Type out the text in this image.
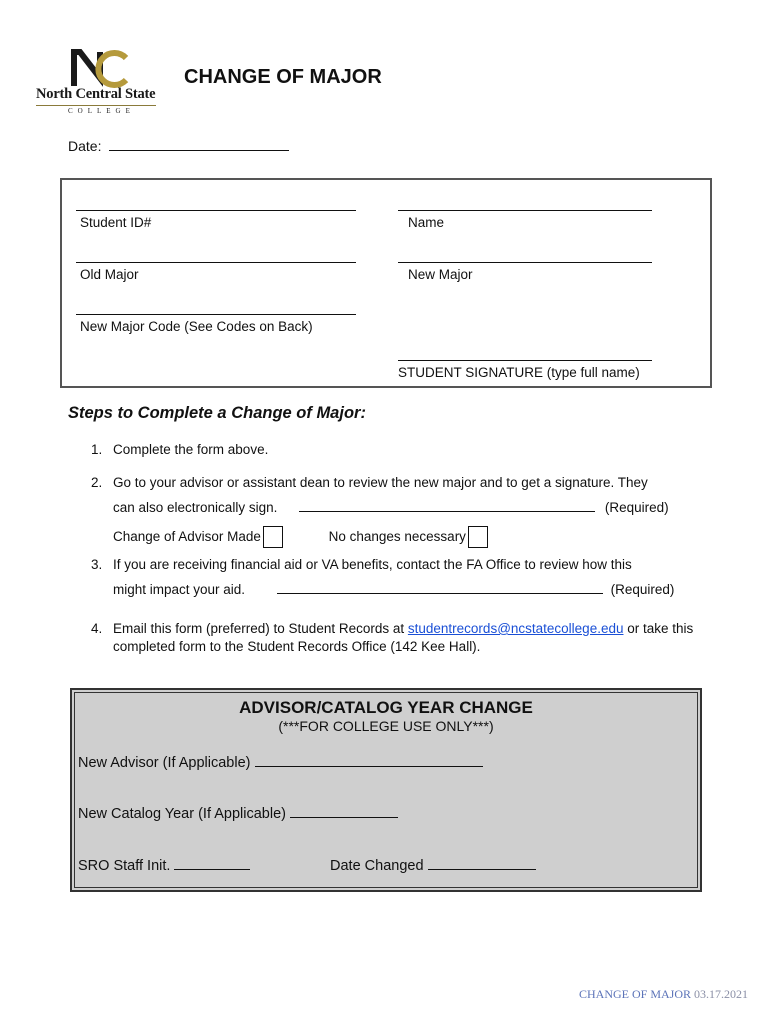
North Central State
COLLEGE
CHANGE OF MAJOR
Date:
Student ID#	Name
Old Major	New Major
New Major Code (See Codes on Back)
STUDENT SIGNATURE (type full name)
Steps to Complete a Change of Major:
1. Complete the form above.
2. Go to your advisor or assistant dean to review the new major and to get a signature. They
can also electronically sign.	(Required)
Change of Advisor Made	No changes necessary
3. If you are receiving financial aid or VA benefits, contact the FA Office to review how this
might impact your aid.	(Required)
4. Email this form (preferred) to Student Records at studentrecords@ncstatecollege.edu or take this
completed form to the Student Records Office (142 Kee Hall).
ADVISOR/CATALOG YEAR CHANGE
(***FOR COLLEGE USE ONLY***)
New Advisor (If Applicable)
New Catalog Year (If Applicable)
SRO Staff Init.	Date Changed
CHANGE OF MAJOR 03.17.2021
